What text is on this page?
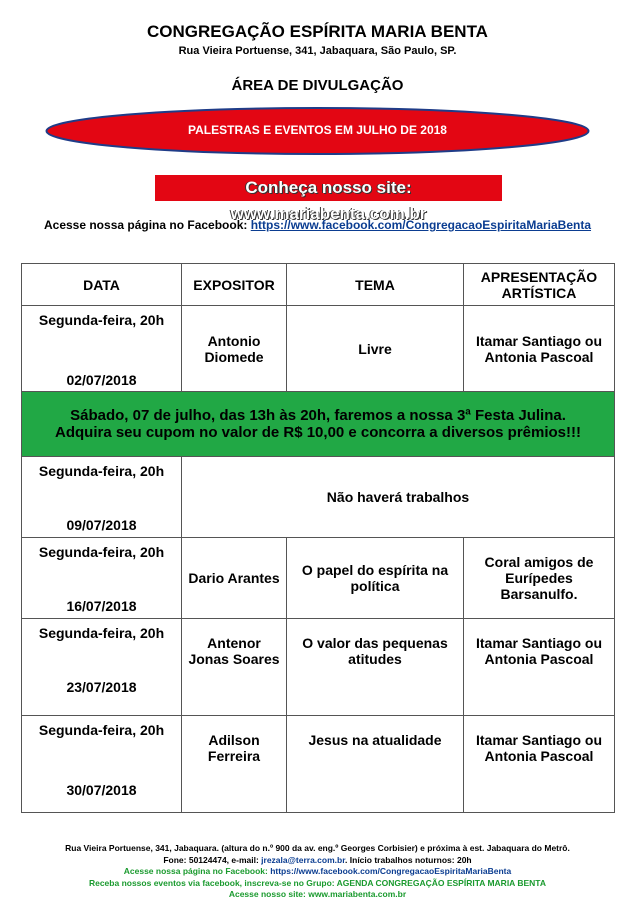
CONGREGAÇÃO ESPÍRITA MARIA BENTA
Rua Vieira Portuense, 341, Jabaquara, São Paulo, SP.
ÁREA DE DIVULGAÇÃO
PALESTRAS E EVENTOS EM JULHO DE 2018
Conheça nosso site: www.mariabenta.com.br
Acesse nossa página no Facebook: https://www.facebook.com/CongregacaoEspiritaMariaBenta
DATA	EXPOSITOR	TEMA	APRESENTAÇÃO ARTÍSTICA

Segunda-feira, 20h
02/07/2018	Antonio Diomede	Livre	Itamar Santiago ou Antonia Pascoal

Sábado, 07 de julho, das 13h às 20h, faremos a nossa 3ª Festa Julina.
Adquira seu cupom no valor de R$ 10,00 e concorra a diversos prêmios!!!			

Segunda-feira, 20h
09/07/2018	Não haverá trabalhos		

Segunda-feira, 20h
16/07/2018	Dario Arantes	O papel do espírita na política	Coral amigos de Eurípedes Barsanulfo.

Segunda-feira, 20h
23/07/2018	Antenor Jonas Soares	O valor das pequenas atitudes	Itamar Santiago ou Antonia Pascoal

Segunda-feira, 20h
30/07/2018	Adilson Ferreira	Jesus na atualidade	Itamar Santiago ou Antonia Pascoal
Rua Vieira Portuense, 341, Jabaquara. (altura do n.º 900 da av. eng.º Georges Corbisier) e próxima à est. Jabaquara do Metrô.
Fone: 50124474, e-mail: jrezala@terra.com.br. Início trabalhos noturnos: 20h
Acesse nossa página no Facebook: https://www.facebook.com/CongregacaoEspiritaMariaBenta
Receba nossos eventos via facebook, inscreva-se no Grupo: AGENDA CONGREGAÇÃO ESPÍRITA MARIA BENTA
Acesse nosso site: www.mariabenta.com.br
